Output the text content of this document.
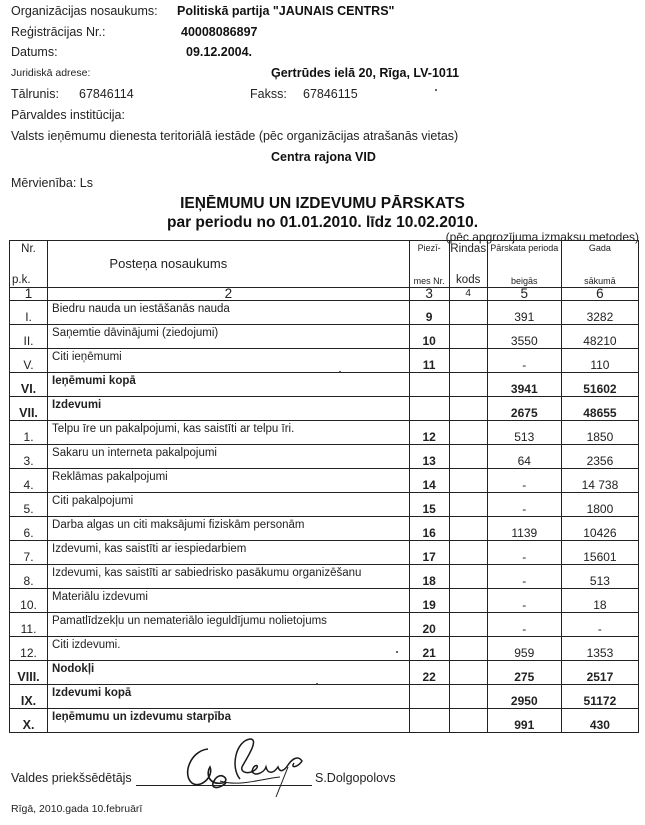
Organizācijas nosaukums: Politiskā partija "JAUNAIS CENTRS"
Reģistrācijas Nr.:	40008086897
Datums:	09.12.2004.
Juridiskā adrese:	Ģertrūdes ielā 20, Rīga, LV-1011
Tālrunis: 67846114	Fakss: 67846115
Pārvaldes institūcija:
Valsts ieņēmumu dienesta teritoriālā iestāde (pēc organizācijas atrašanās vietas)
Centra rajona VID
Mērvienība: Ls
IEŅĒMUMU UN IZDEVUMU PĀRSKATS
par periodu no 01.01.2010. līdz 10.02.2010.
(pēc apgrozījuma izmaksu metodes)
Nr.
p.k.

Posteņa nosaukums

Piezī-
mes Nr.

Rindas
kods

Pārskata perioda
beigās

Gada
sākumā

1	2	3	4	5	6
I.	Biedru nauda un iestāšanās nauda	9		391	3282
II.	Saņemtie dāvinājumi (ziedojumi)	10		3550	48210
V.	Citi ieņēmumi	11		-	110
VI.	Ieņēmumi kopā			3941	51602
VII.	Izdevumi			2675	48655
1.	Telpu īre un pakalpojumi, kas saistīti ar telpu īri.	12		513	1850
3.	Sakaru un interneta pakalpojumi	13		64	2356
4.	Reklāmas pakalpojumi	14		-	14 738
5.	Citi pakalpojumi	15		-	1800
6.	Darba algas un citi maksājumi fiziskām personām	16		1139	10426
7.	Izdevumi, kas saistīti ar iespiedarbiem	17		-	15601
8.	Izdevumi, kas saistīti ar sabiedrisko pasākumu organizēšanu	18		-	513
10.	Materiālu izdevumi	19		-	18
11.	Pamatlīdzekļu un nemateriālo ieguldījumu nolietojums	20		-	-
12.	Citi izdevumi.	21		959	1353
VIII.	Nodokļi	22		275	2517
IX.	Izdevumi kopā			2950	51172
X.	Ieņēmumu un izdevumu starpība			991	430
Valdes priekšsēdētājs	S.Dolgopolovs
Rīgā, 2010.gada 10.februārī
